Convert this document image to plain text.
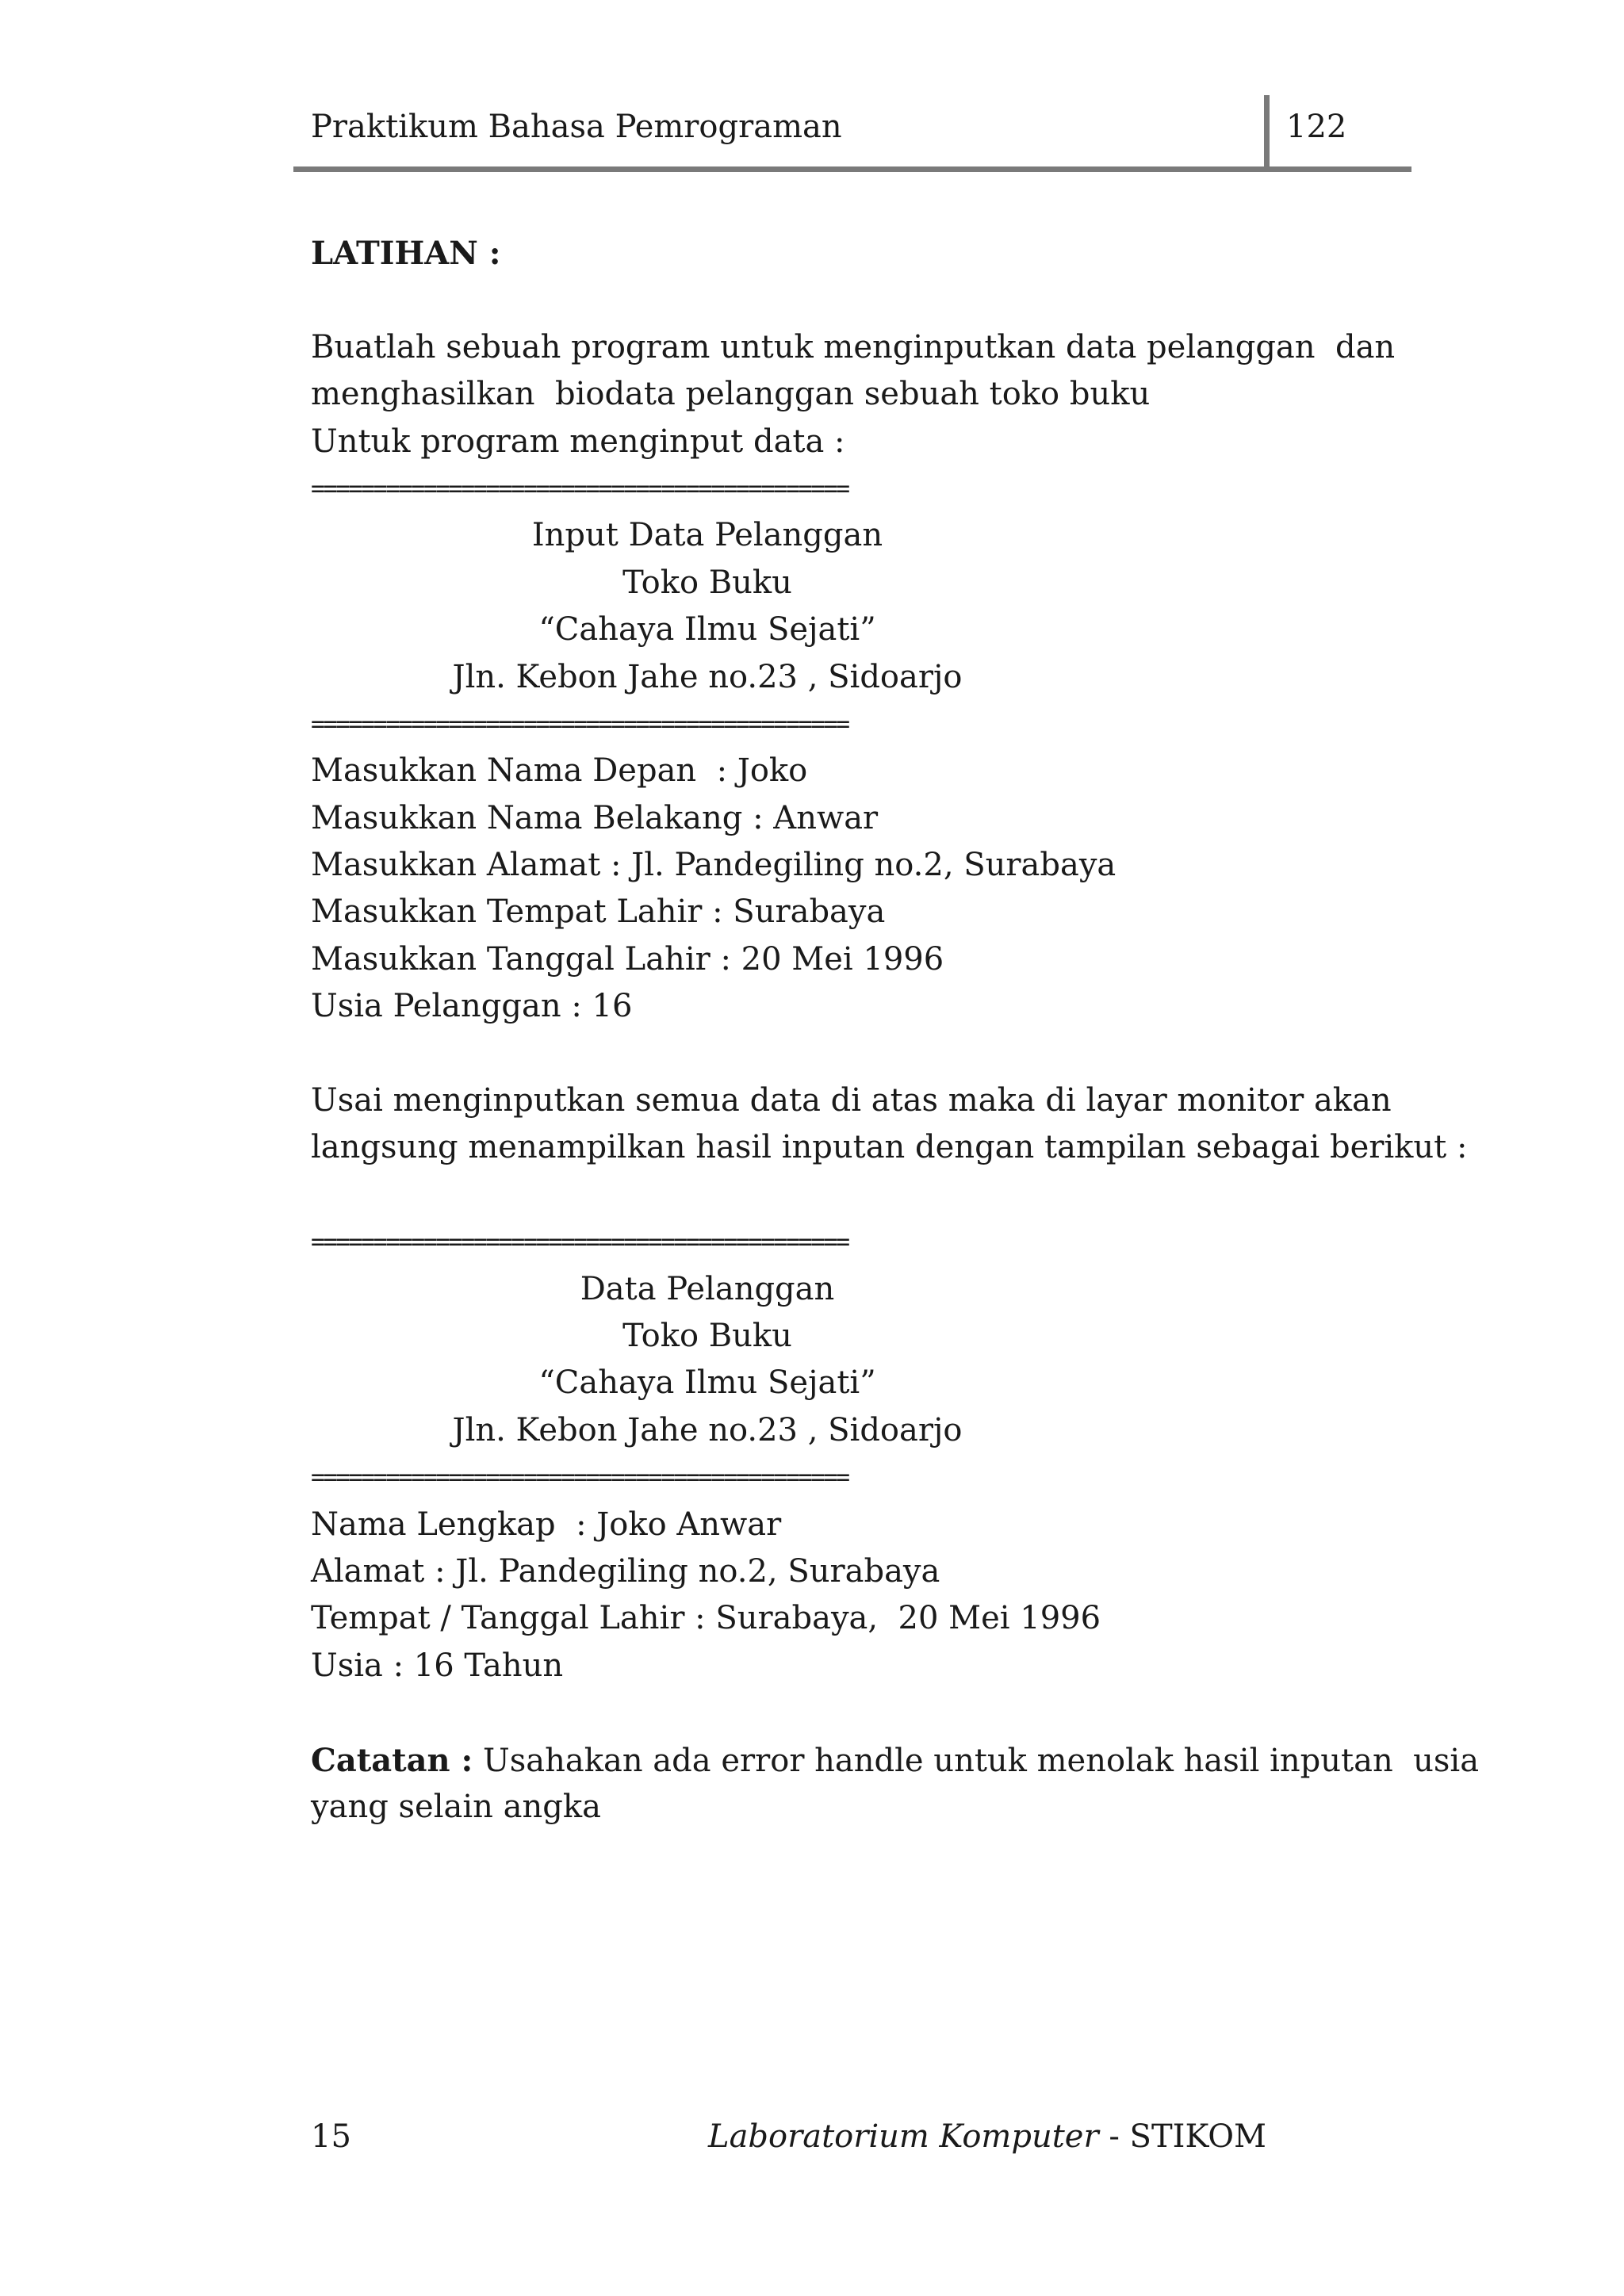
Praktikum Bahasa Pemrograman	122
LATIHAN :
Buatlah sebuah program untuk menginputkan data pelanggan  dan
menghasilkan  biodata pelanggan sebuah toko buku
Untuk program menginput data :
===========================================
Input Data Pelanggan
Toko Buku
“Cahaya Ilmu Sejati”
Jln. Kebon Jahe no.23 , Sidoarjo
===========================================
Masukkan Nama Depan  : Joko
Masukkan Nama Belakang : Anwar
Masukkan Alamat : Jl. Pandegiling no.2, Surabaya
Masukkan Tempat Lahir : Surabaya
Masukkan Tanggal Lahir : 20 Mei 1996
Usia Pelanggan : 16
Usai menginputkan semua data di atas maka di layar monitor akan
langsung menampilkan hasil inputan dengan tampilan sebagai berikut :
===========================================
Data Pelanggan
Toko Buku
“Cahaya Ilmu Sejati”
Jln. Kebon Jahe no.23 , Sidoarjo
===========================================
Nama Lengkap  : Joko Anwar
Alamat : Jl. Pandegiling no.2, Surabaya
Tempat / Tanggal Lahir : Surabaya,  20 Mei 1996
Usia : 16 Tahun
Catatan : Usahakan ada error handle untuk menolak hasil inputan  usia
yang selain angka
15	Laboratorium Komputer - STIKOM
